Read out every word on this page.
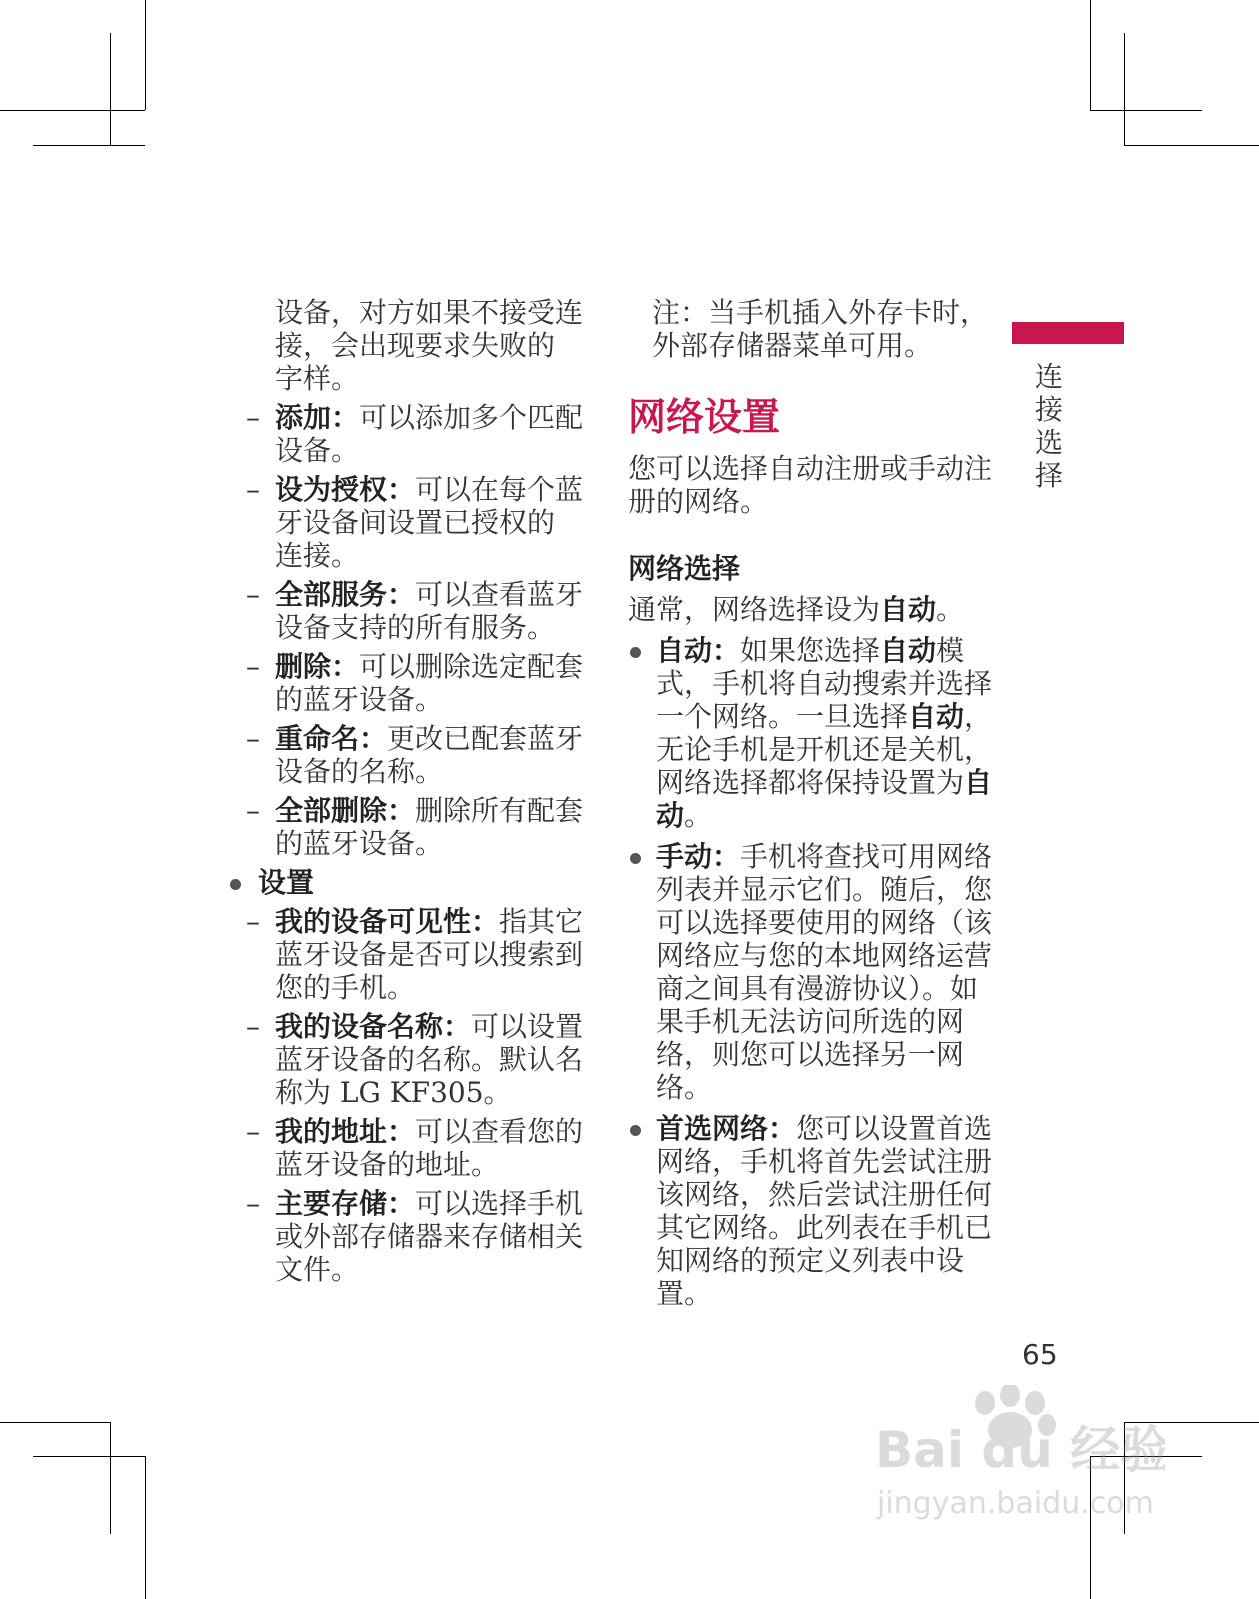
设备，对方如果不接受连
接，会出现要求失败的
字样。
– 添加：可以添加多个匹配
设备。
– 设为授权：可以在每个蓝
牙设备间设置已授权的
连接。
– 全部服务：可以查看蓝牙
设备支持的所有服务。
– 删除：可以删除选定配套
的蓝牙设备。
– 重命名：更改已配套蓝牙
设备的名称。
– 全部删除：删除所有配套
的蓝牙设备。
设置
– 我的设备可见性：指其它
蓝牙设备是否可以搜索到
您的手机。
– 我的设备名称：可以设置
蓝牙设备的名称。默认名
称为 LG KF305。
– 我的地址：可以查看您的
蓝牙设备的地址。
– 主要存储：可以选择手机
或外部存储器来存储相关
文件。
注：当手机插入外存卡时，
外部存储器菜单可用。
网络设置
您可以选择自动注册或手动注
册的网络。
网络选择
通常，网络选择设为自动。
自动：如果您选择自动模式，手机将自动搜索并选择一个网络。一旦选择自动，无论手机是开机还是关机，网络选择都将保持设置为自动。
手动：手机将查找可用网络列表并显示它们。随后，您可以选择要使用的网络（该网络应与您的本地网络运营商之间具有漫游协议）。如果手机无法访问所选的网络，则您可以选择另一网络。
首选网络：您可以设置首选网络，手机将首先尝试注册该网络，然后尝试注册任何其它网络。此列表在手机已知网络的预定义列表中设置。
连接选择
65
Bai du 经验
jingyan.baidu.com
